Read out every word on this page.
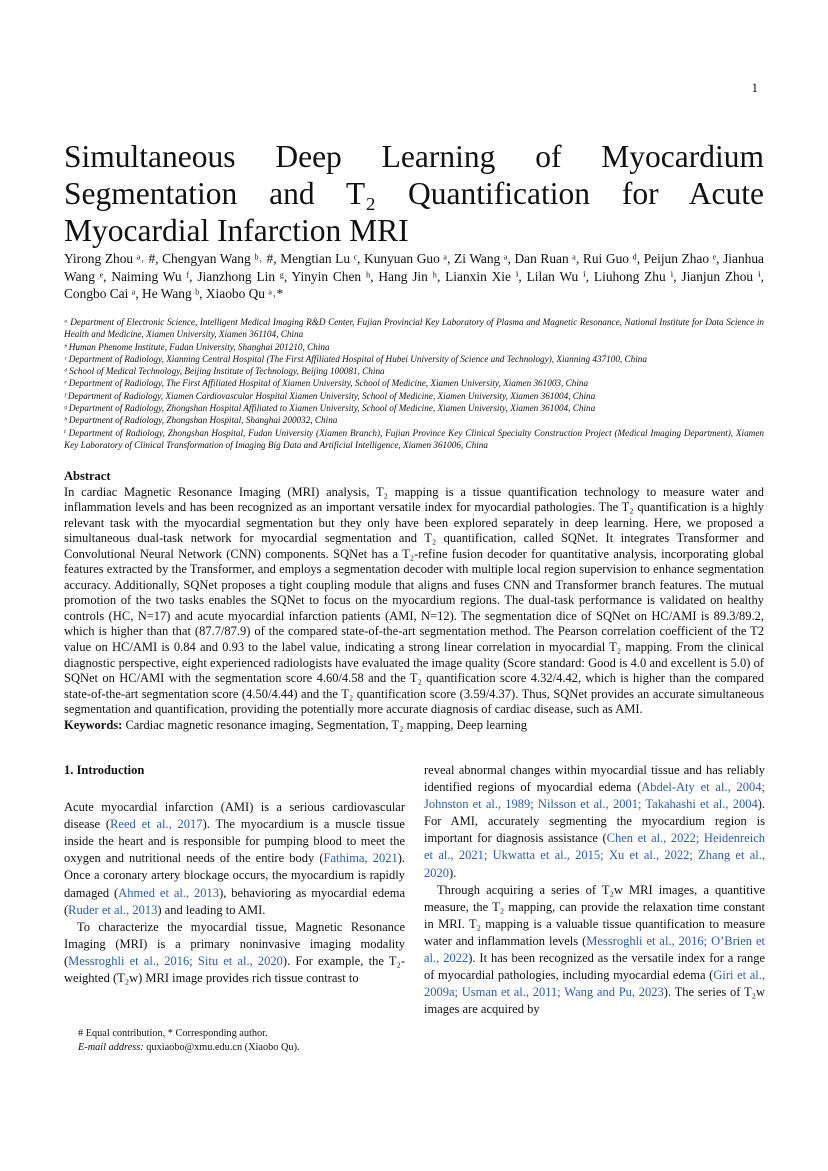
1
Simultaneous Deep Learning of Myocardium
Segmentation and T₂ Quantification for Acute
Myocardial Infarction MRI
Yirong Zhou ᵃ˒ #, Chengyan Wang ᵇ˒ #, Mengtian Lu ᶜ, Kunyuan Guo ᵃ, Zi Wang ᵃ, Dan Ruan ᵃ, Rui Guo ᵈ, Peijun Zhao ᵉ, Jianhua Wang ᵉ, Naiming Wu ᶠ, Jianzhong Lin ᵍ, Yinyin Chen ʰ, Hang Jin ʰ, Lianxin Xie ⁱ, Lilan Wu ⁱ, Liuhong Zhu ⁱ, Jianjun Zhou ⁱ, Congbo Cai ᵃ, He Wang ᵇ, Xiaobo Qu ᵃ˒*

ᵃ Department of Electronic Science, Intelligent Medical Imaging R&D Center, Fujian Provincial Key Laboratory of Plasma and Magnetic Resonance, National Institute for Data Science in Health and Medicine, Xiamen University, Xiamen 361104, China

ᵇ Human Phenome Institute, Fudan University, Shanghai 201210, China

ᶜ Department of Radiology, Xianning Central Hospital (The First Affiliated Hospital of Hubei University of Science and Technology), Xianning 437100, China

ᵈ School of Medical Technology, Beijing Institute of Technology, Beijing 100081, China

ᵉ Department of Radiology, The First Affiliated Hospital of Xiamen University, School of Medicine, Xiamen University, Xiamen 361003, China

ᶠ Department of Radiology, Xiamen Cardiovascular Hospital Xiamen University, School of Medicine, Xiamen University, Xiamen 361004, China

ᵍ Department of Radiology, Zhongshan Hospital Affiliated to Xiamen University, School of Medicine, Xiamen University, Xiamen 361004, China

ʰ Department of Radiology, Zhongshan Hospital, Shanghai 200032, China

ⁱ Department of Radiology, Zhongshan Hospital, Fudan University (Xiamen Branch), Fujian Province Key Clinical Specialty Construction Project (Medical Imaging Department), Xiamen Key Laboratory of Clinical Transformation of Imaging Big Data and Artificial Intelligence, Xiamen 361006, China

Abstract

In cardiac Magnetic Resonance Imaging (MRI) analysis, T₂ mapping is a tissue quantification technology to measure water and inflammation levels and has been recognized as an important versatile index for myocardial pathologies. The T₂ quantification is a highly relevant task with the myocardial segmentation but they only have been explored separately in deep learning. Here, we proposed a simultaneous dual-task network for myocardial segmentation and T₂ quantification, called SQNet. It integrates Transformer and Convolutional Neural Network (CNN) components. SQNet has a T₂-refine fusion decoder for quantitative analysis, incorporating global features extracted by the Transformer, and employs a segmentation decoder with multiple local region supervision to enhance segmentation accuracy. Additionally, SQNet proposes a tight coupling module that aligns and fuses CNN and Transformer branch features. The mutual promotion of the two tasks enables the SQNet to focus on the myocardium regions. The dual-task performance is validated on healthy controls (HC, N=17) and acute myocardial infarction patients (AMI, N=12). The segmentation dice of SQNet on HC/AMI is 89.3/89.2, which is higher than that (87.7/87.9) of the compared state-of-the-art segmentation method. The Pearson correlation coefficient of the T2 value on HC/AMI is 0.84 and 0.93 to the label value, indicating a strong linear correlation in myocardial T₂ mapping. From the clinical diagnostic perspective, eight experienced radiologists have evaluated the image quality (Score standard: Good is 4.0 and excellent is 5.0) of SQNet on HC/AMI with the segmentation score 4.60/4.58 and the T₂ quantification score 4.32/4.42, which is higher than the compared state-of-the-art segmentation score (4.50/4.44) and the T₂ quantification score (3.59/4.37). Thus, SQNet provides an accurate simultaneous segmentation and quantification, providing the potentially more accurate diagnosis of cardiac disease, such as AMI.

Keywords: Cardiac magnetic resonance imaging, Segmentation, T₂ mapping, Deep learning

1. Introduction

Acute myocardial infarction (AMI) is a serious cardiovascular disease (Reed et al., 2017). The myocardium is a muscle tissue inside the heart and is responsible for pumping blood to meet the oxygen and nutritional needs of the entire body (Fathima, 2021). Once a coronary artery blockage occurs, the myocardium is rapidly damaged (Ahmed et al., 2013), behavioring as myocardial edema (Ruder et al., 2013) and leading to AMI.

To characterize the myocardial tissue, Magnetic Resonance Imaging (MRI) is a primary noninvasive imaging modality (Messroghli et al., 2016; Situ et al., 2020). For example, the T₂-weighted (T₂w) MRI image provides rich tissue contrast to

reveal abnormal changes within myocardial tissue and has reliably identified regions of myocardial edema (Abdel-Aty et al., 2004; Johnston et al., 1989; Nilsson et al., 2001; Takahashi et al., 2004). For AMI, accurately segmenting the myocardium region is important for diagnosis assistance (Chen et al., 2022; Heidenreich et al., 2021; Ukwatta et al., 2015; Xu et al., 2022; Zhang et al., 2020).

Through acquiring a series of T₂w MRI images, a quantitive measure, the T₂ mapping, can provide the relaxation time constant in MRI. T₂ mapping is a valuable tissue quantification to measure water and inflammation levels (Messroghli et al., 2016; O’Brien et al., 2022). It has been recognized as the versatile index for a range of myocardial pathologies, including myocardial edema (Giri et al., 2009a; Usman et al., 2011; Wang and Pu, 2023). The series of T₂w images are acquired by

# Equal contribution, * Corresponding author.
E-mail address: quxiaobo@xmu.edu.cn (Xiaobo Qu).
